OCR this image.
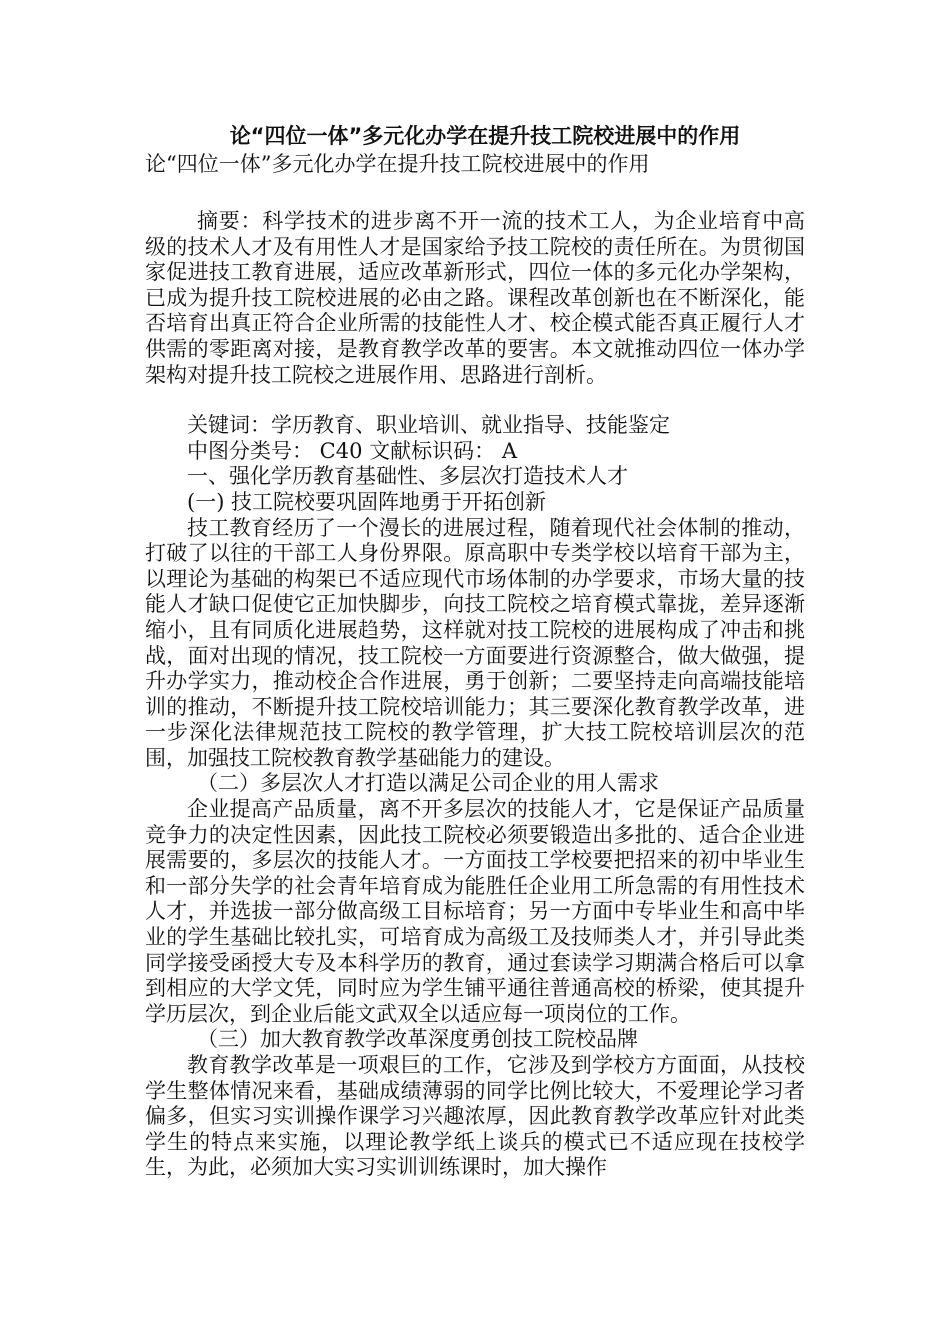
论“四位一体”多元化办学在提升技工院校进展中的作用

论“四位一体”多元化办学在提升技工院校进展中的作用

摘要：科学技术的进步离不开一流的技术工人，为企业培育中高级的技术人才及有用性人才是国家给予技工院校的责任所在。为贯彻国家促进技工教育进展，适应改革新形式，四位一体的多元化办学架构，已成为提升技工院校进展的必由之路。课程改革创新也在不断深化，能否培育出真正符合企业所需的技能性人才、校企模式能否真正履行人才供需的零距离对接，是教育教学改革的要害。本文就推动四位一体办学架构对提升技工院校之进展作用、思路进行剖析。

关键词：学历教育、职业培训、就业指导、技能鉴定

中图分类号： C40 文献标识码： A

一、强化学历教育基础性、多层次打造技术人才

(一) 技工院校要巩固阵地勇于开拓创新

技工教育经历了一个漫长的进展过程，随着现代社会体制的推动，打破了以往的干部工人身份界限。原高职中专类学校以培育干部为主，以理论为基础的构架已不适应现代市场体制的办学要求，市场大量的技能人才缺口促使它正加快脚步，向技工院校之培育模式靠拢，差异逐渐缩小，且有同质化进展趋势，这样就对技工院校的进展构成了冲击和挑战，面对出现的情况，技工院校一方面要进行资源整合，做大做强，提升办学实力，推动校企合作进展，勇于创新；二要坚持走向高端技能培训的推动，不断提升技工院校培训能力；其三要深化教育教学改革，进一步深化法律规范技工院校的教学管理，扩大技工院校培训层次的范围，加强技工院校教育教学基础能力的建设。

（二）多层次人才打造以满足公司企业的用人需求

企业提高产品质量，离不开多层次的技能人才，它是保证产品质量竞争力的决定性因素，因此技工院校必须要锻造出多批的、适合企业进展需要的，多层次的技能人才。一方面技工学校要把招来的初中毕业生和一部分失学的社会青年培育成为能胜任企业用工所急需的有用性技术人才，并选拔一部分做高级工目标培育；另一方面中专毕业生和高中毕业的学生基础比较扎实，可培育成为高级工及技师类人才，并引导此类同学接受函授大专及本科学历的教育，通过套读学习期满合格后可以拿到相应的大学文凭，同时应为学生铺平通往普通高校的桥梁，使其提升学历层次，到企业后能文武双全以适应每一项岗位的工作。

（三）加大教育教学改革深度勇创技工院校品牌

教育教学改革是一项艰巨的工作，它涉及到学校方方面面，从技校学生整体情况来看，基础成绩薄弱的同学比例比较大，不爱理论学习者偏多，但实习实训操作课学习兴趣浓厚，因此教育教学改革应针对此类学生的特点来实施，以理论教学纸上谈兵的模式已不适应现在技校学生，为此，必须加大实习实训训练课时，加大操作
